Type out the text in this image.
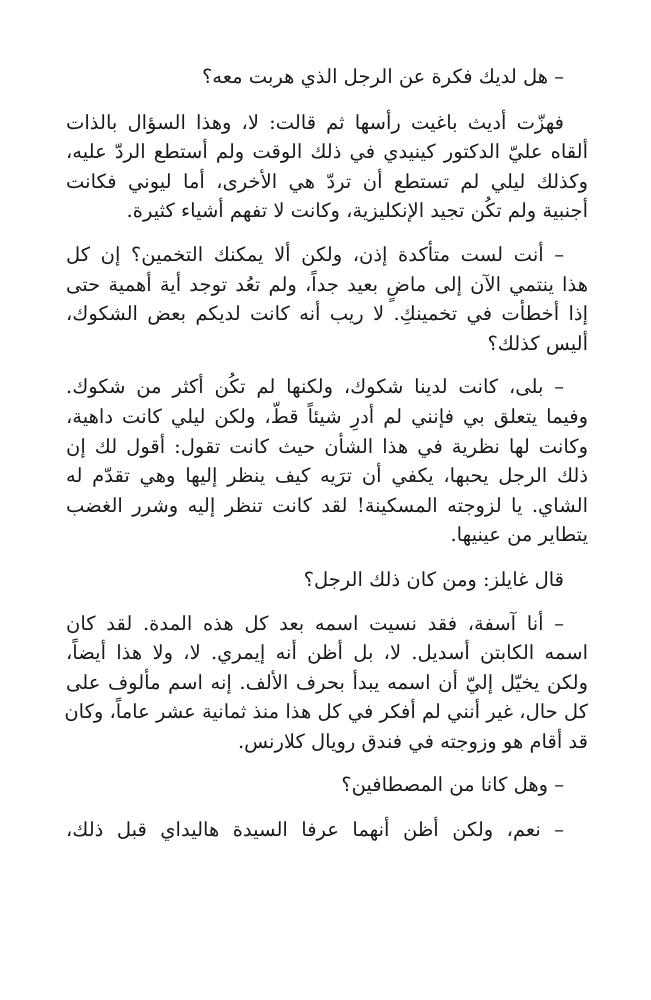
– هل لديك فكرة عن الرجل الذي هربت معه؟
فهزّت أديث باغيت رأسها ثم قالت: لا، وهذا السؤال بالذات
ألقاه عليّ الدكتور كينيدي في ذلك الوقت ولم أستطع الردّ عليه،
وكذلك ليلي لم تستطع أن تردّ هي الأخرى، أما ليوني فكانت
أجنبية ولم تكُن تجيد الإنكليزية، وكانت لا تفهم أشياء كثيرة.
– أنت لست متأكدة إذن، ولكن ألا يمكنك التخمين؟ إن كل
هذا ينتمي الآن إلى ماضٍ بعيد جداً، ولم تعُد توجد أية أهمية حتى
إذا أخطأت في تخمينكِ. لا ريب أنه كانت لديكم بعض الشكوك،
أليس كذلك؟
– بلى، كانت لدينا شكوك، ولكنها لم تكُن أكثر من شكوك.
وفيما يتعلق بي فإنني لم أدرِ شيئاً قطّ، ولكن ليلي كانت داهية،
وكانت لها نظرية في هذا الشأن حيث كانت تقول: أقول لك إن
ذلك الرجل يحبها، يكفي أن ترَيه كيف ينظر إليها وهي تقدّم له
الشاي. يا لزوجته المسكينة! لقد كانت تنظر إليه وشرر الغضب
يتطاير من عينيها.
قال غايلز: ومن كان ذلك الرجل؟
– أنا آسفة، فقد نسيت اسمه بعد كل هذه المدة. لقد كان
اسمه الكابتن أسديل. لا، بل أظن أنه إيمري. لا، ولا هذا أيضاً،
ولكن يخيّل إليّ أن اسمه يبدأ بحرف الألف. إنه اسم مألوف على
كل حال، غير أنني لم أفكر في كل هذا منذ ثمانية عشر عاماً، وكان
قد أقام هو وزوجته في فندق رويال كلارنس.
– وهل كانا من المصطافين؟
– نعم، ولكن أظن أنهما عرفا السيدة هاليداي قبل ذلك،
